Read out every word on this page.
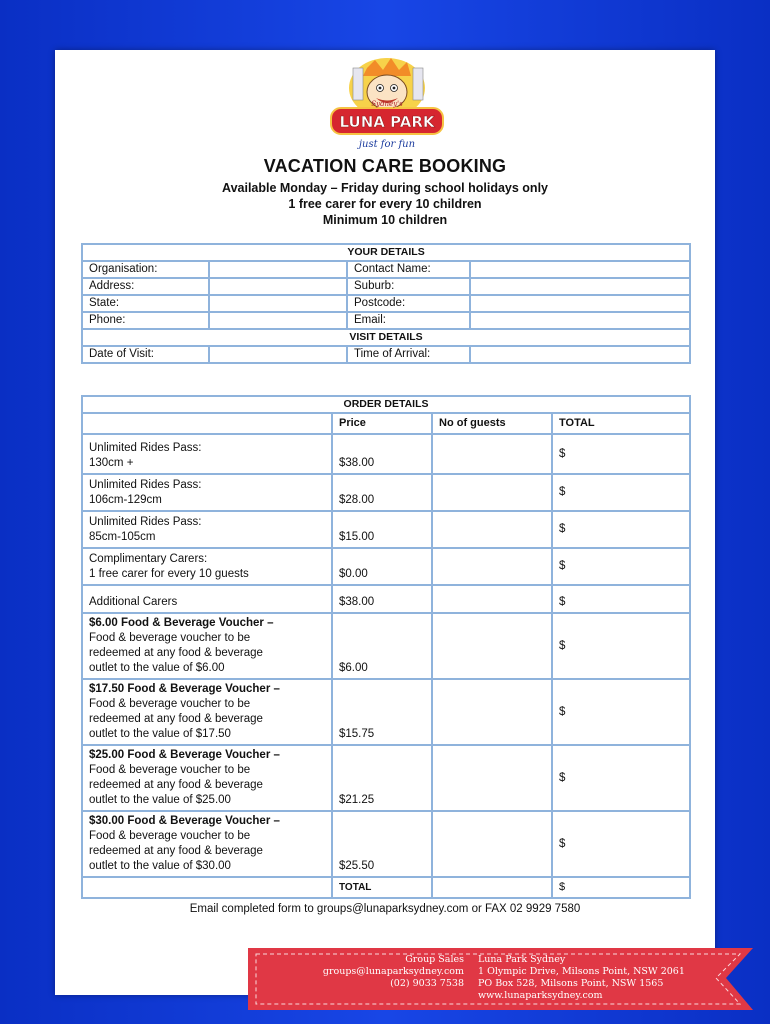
Sydney's
LUNA PARK
just for fun
VACATION CARE BOOKING
Available Monday – Friday during school holidays only
1 free carer for every 10 children
Minimum 10 children
YOUR DETAILS			
Organisation:		Contact Name:	
Address:		Suburb:	
State:		Postcode:	
Phone:		Email:	
VISIT DETAILS			
Date of Visit:		Time of Arrival:	
ORDER DETAILS			
	Price	No of guests	TOTAL
Unlimited Rides Pass:
130cm +	$38.00		$
Unlimited Rides Pass:
106cm-129cm	$28.00		$
Unlimited Rides Pass:
85cm-105cm	$15.00		$
Complimentary Carers:
1 free carer for every 10 guests	$0.00		$
Additional Carers	$38.00		$
$6.00 Food & Beverage Voucher –
Food & beverage voucher to be
redeemed at any food & beverage
outlet to the value of $6.00	$6.00		$
$17.50 Food & Beverage Voucher –
Food & beverage voucher to be
redeemed at any food & beverage
outlet to the value of $17.50	$15.75		$
$25.00 Food & Beverage Voucher –
Food & beverage voucher to be
redeemed at any food & beverage
outlet to the value of $25.00	$21.25		$
$30.00 Food & Beverage Voucher –
Food & beverage voucher to be
redeemed at any food & beverage
outlet to the value of $30.00	$25.50		$
	TOTAL		$
Email completed form to groups@lunaparksydney.com or FAX 02 9929 7580
Group Sales
groups@lunaparksydney.com
(02) 9033 7538
Luna Park Sydney
1 Olympic Drive, Milsons Point, NSW 2061
PO Box 528, Milsons Point, NSW 1565
www.lunaparksydney.com
